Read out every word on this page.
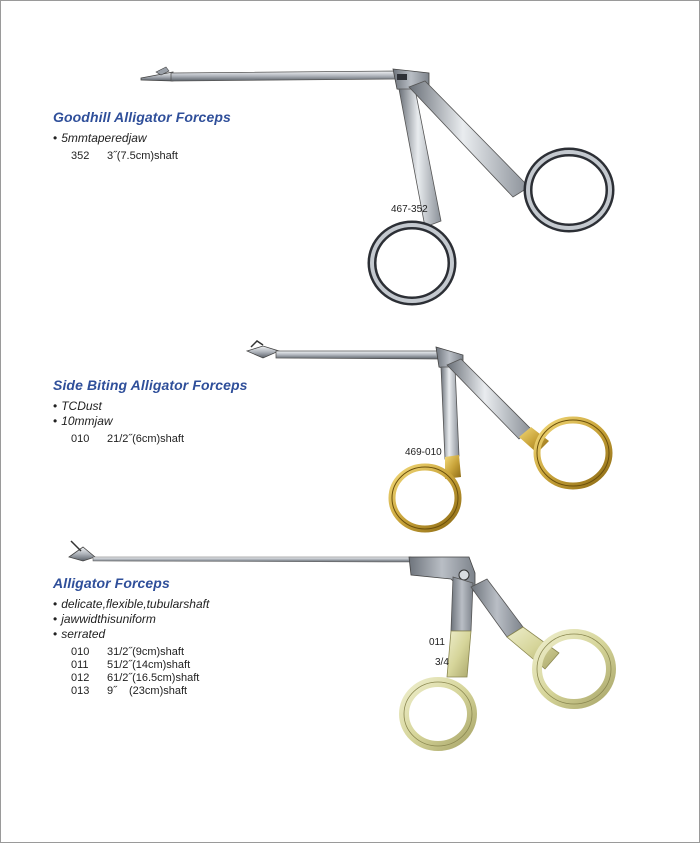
Goodhill Alligator Forceps
• 5mmtaperedjaw
352 3˝(7.5cm)shaft
467-352
Side Biting Alligator Forceps
• TCDust
• 10mmjaw
010 21/2˝(6cm)shaft
469-010
Alligator Forceps
• delicate,flexible,tubularshaft
• jawwidthisuniform
• serrated
010 31/2˝(9cm)shaft
011 51/2˝(14cm)shaft
012 61/2˝(16.5cm)shaft
013 9˝    (23cm)shaft
011
3/4
